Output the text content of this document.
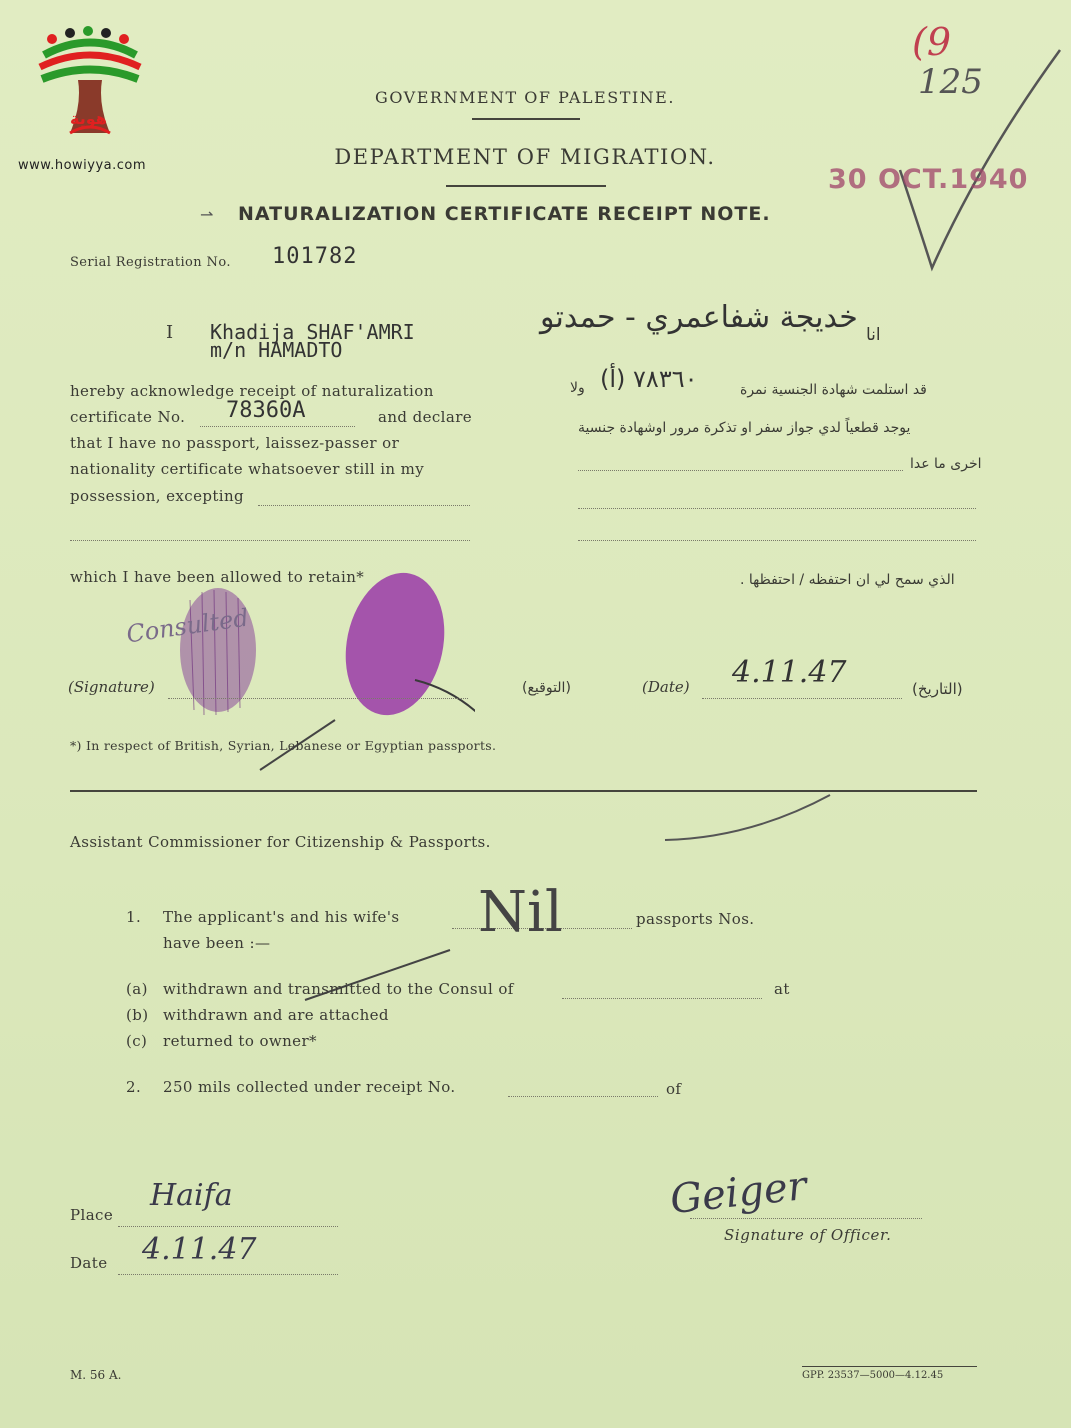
هوية
www.howiyya.com
(9
125
30 OCT.1940
GOVERNMENT OF PALESTINE.
DEPARTMENT OF MIGRATION.
⇀ NATURALIZATION CERTIFICATE RECEIPT NOTE.
Serial Registration No. 101782
I Khadija SHAF'AMRI
m/n HAMADTO
خديجة شفاعمري - حمدتو انا
hereby acknowledge receipt of naturalization
certificate No. 78360A	and declare
that I have no passport, laissez-passer or
nationality certificate whatsoever still in my
possession, excepting
قد استلمت شهادة الجنسية نمرة
٧٨٣٦٠ (أ)
ولا
يوجد قطعياً لدي جواز سفر او تذكرة مرور اوشهادة جنسية
اخرى ما عدا
which I have been allowed to retain*	الذي سمح لي ان احتفظه / احتفظها .
Consulted
(Signature)	(التوقيع)	(Date) 4.11.47	(التاريخ)
*) In respect of British, Syrian, Lebanese or Egyptian passports.
Assistant Commissioner for Citizenship & Passports.
1. The applicant's and his wife's Nil	passports Nos.
have been :—
(a) withdrawn and transmitted to the Consul of	at
(b) withdrawn and are attached
(c) returned to owner*
2. 250 mils collected under receipt No.	of
Place
Haifa
Date 4.11.47
Geiger
Signature of Officer.
M. 56 A.	GPP. 23537—5000—4.12.45
